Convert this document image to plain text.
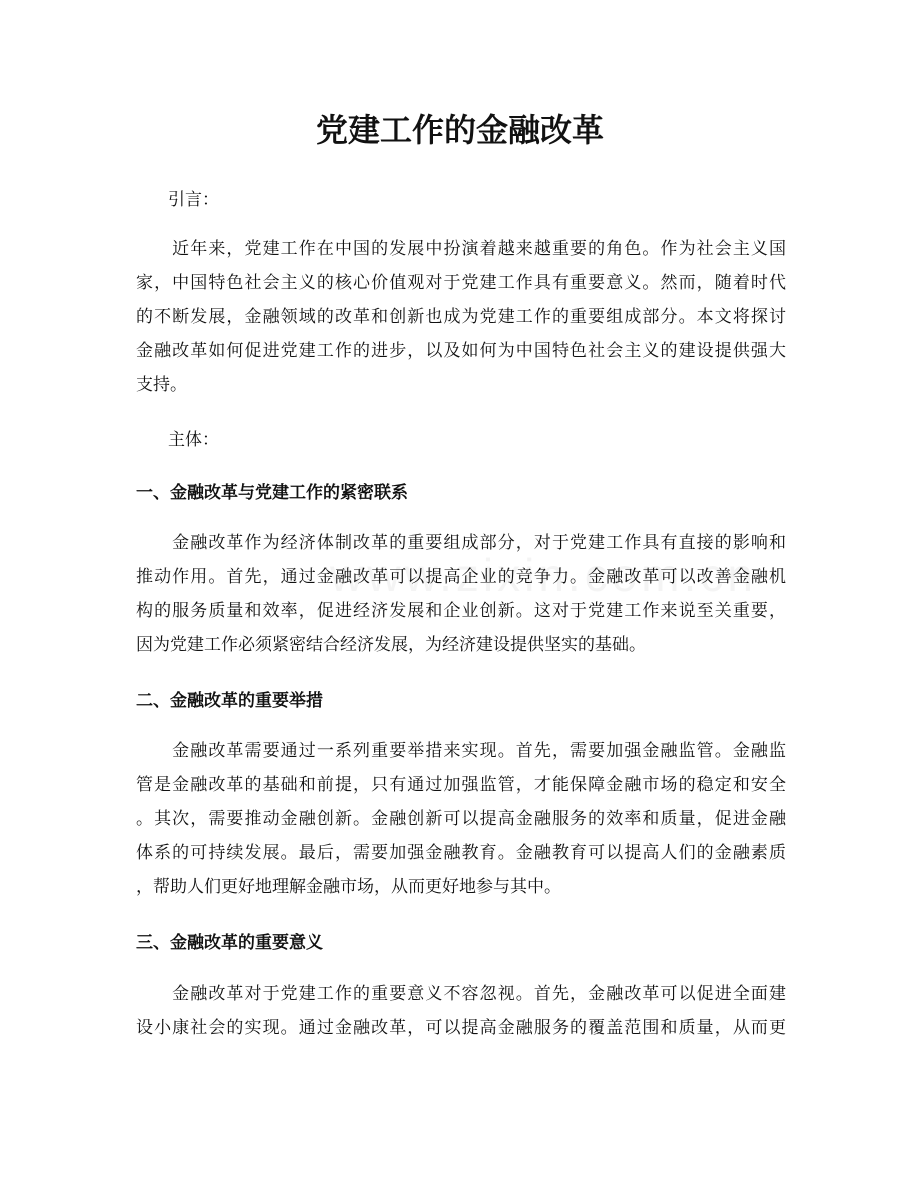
党建工作的金融改革

引言：

　　近年来，党建工作在中国的发展中扮演着越来越重要的角色。作为社会主义国
家，中国特色社会主义的核心价值观对于党建工作具有重要意义。然而，随着时代
的不断发展，金融领域的改革和创新也成为党建工作的重要组成部分。本文将探讨
金融改革如何促进党建工作的进步，以及如何为中国特色社会主义的建设提供强大
支持。

主体：

一、金融改革与党建工作的紧密联系
　　金融改革作为经济体制改革的重要组成部分，对于党建工作具有直接的影响和
推动作用。首先，通过金融改革可以提高企业的竞争力。金融改革可以改善金融机
构的服务质量和效率，促进经济发展和企业创新。这对于党建工作来说至关重要，
因为党建工作必须紧密结合经济发展，为经济建设提供坚实的基础。
二、金融改革的重要举措
　　金融改革需要通过一系列重要举措来实现。首先，需要加强金融监管。金融监
管是金融改革的基础和前提，只有通过加强监管，才能保障金融市场的稳定和安全
。其次，需要推动金融创新。金融创新可以提高金融服务的效率和质量，促进金融
体系的可持续发展。最后，需要加强金融教育。金融教育可以提高人们的金融素质
，帮助人们更好地理解金融市场，从而更好地参与其中。
三、金融改革的重要意义
　　金融改革对于党建工作的重要意义不容忽视。首先，金融改革可以促进全面建
设小康社会的实现。通过金融改革，可以提高金融服务的覆盖范围和质量，从而更
